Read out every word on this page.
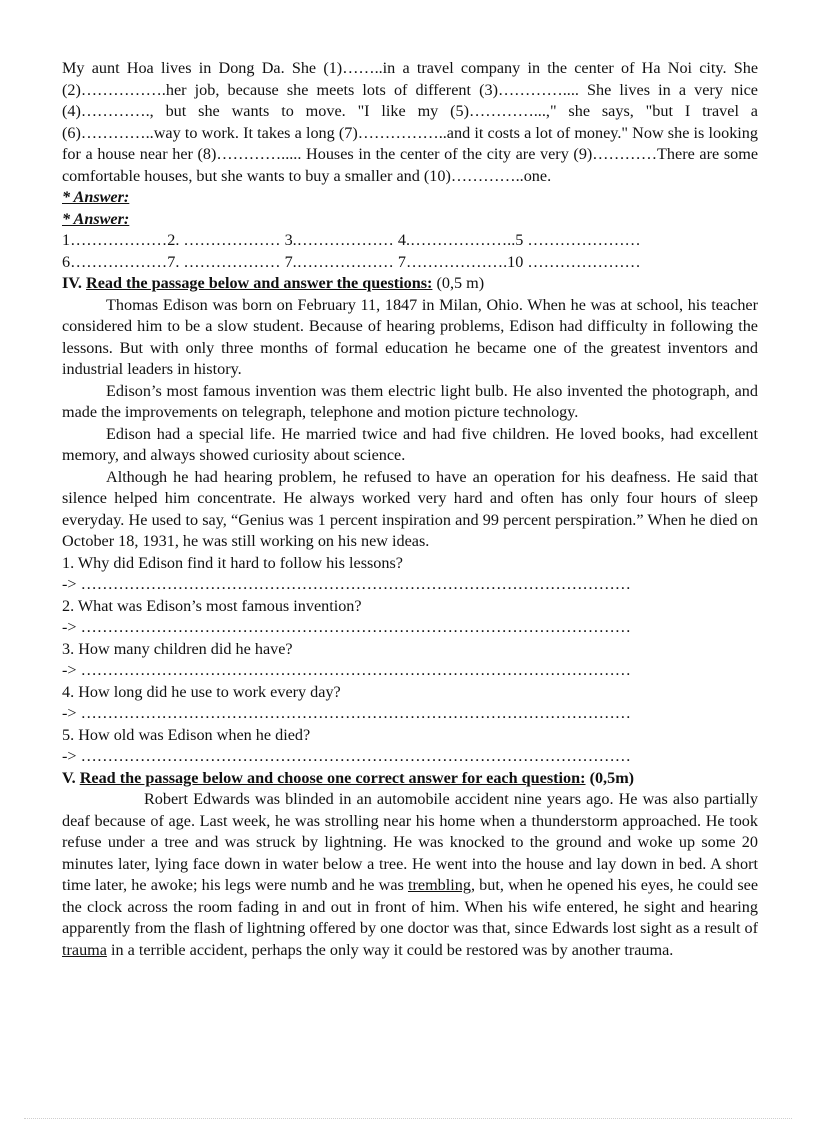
My aunt Hoa lives in Dong Da. She (1)……..in a travel company in the center of Ha Noi city. She (2)…………….her job, because she meets lots of different (3)………….... She lives in a very nice (4)…………., but she wants to move. "I like my (5)…………...," she says, "but I travel a (6)…………..way to work. It takes a long (7)……………..and it costs a lot of money." Now she is looking for a house near her (8)…………..... Houses in the center of the city are very (9)…………There are some comfortable houses, but she wants to buy a smaller and (10)…………..one.

* Answer:

* Answer:

1………………2. ……………… 3.……………… 4.………………..5 …………………

6………………7. ……………… 7.……………… 7……………….10 …………………

IV. Read the passage below and answer the questions: (0,5 m)

Thomas Edison was born on February 11, 1847 in Milan, Ohio. When he was at school, his teacher considered him to be a slow student. Because of hearing problems, Edison had difficulty in following the lessons. But with only three months of formal education he became one of the greatest inventors and industrial leaders in history.

Edison’s most famous invention was them electric light bulb. He also invented the photograph, and made the improvements on telegraph, telephone and motion picture technology.

Edison had a special life. He married twice and had five children. He loved books, had excellent memory, and always showed curiosity about science.

Although he had hearing problem, he refused to have an operation for his deafness. He said that silence helped him concentrate. He always worked very hard and often has only four hours of sleep everyday. He used to say, “Genius was 1 percent inspiration and 99 percent perspiration.” When he died on October 18, 1931, he was still working on his new ideas.

1. Why did Edison find it hard to follow his lessons?

-> …………………………………………………………………………………………

2. What was Edison’s most famous invention?

-> …………………………………………………………………………………………

3. How many children did he have?

-> …………………………………………………………………………………………

4. How long did he use to work every day?

-> …………………………………………………………………………………………

5. How old was Edison when he died?

-> …………………………………………………………………………………………

V. Read the passage below and choose one correct answer for each question: (0,5m)

Robert Edwards was blinded in an automobile accident nine years ago. He was also partially deaf because of age. Last week, he was strolling near his home when a thunderstorm approached. He took refuse under a tree and was struck by lightning. He was knocked to the ground and woke up some 20 minutes later, lying face down in water below a tree. He went into the house and lay down in bed. A short time later, he awoke; his legs were numb and he was trembling, but, when he opened his eyes, he could see the clock across the room fading in and out in front of him. When his wife entered, he sight and hearing apparently from the flash of lightning offered by one doctor was that, since Edwards lost sight as a result of trauma in a terrible accident, perhaps the only way it could be restored was by another trauma.
